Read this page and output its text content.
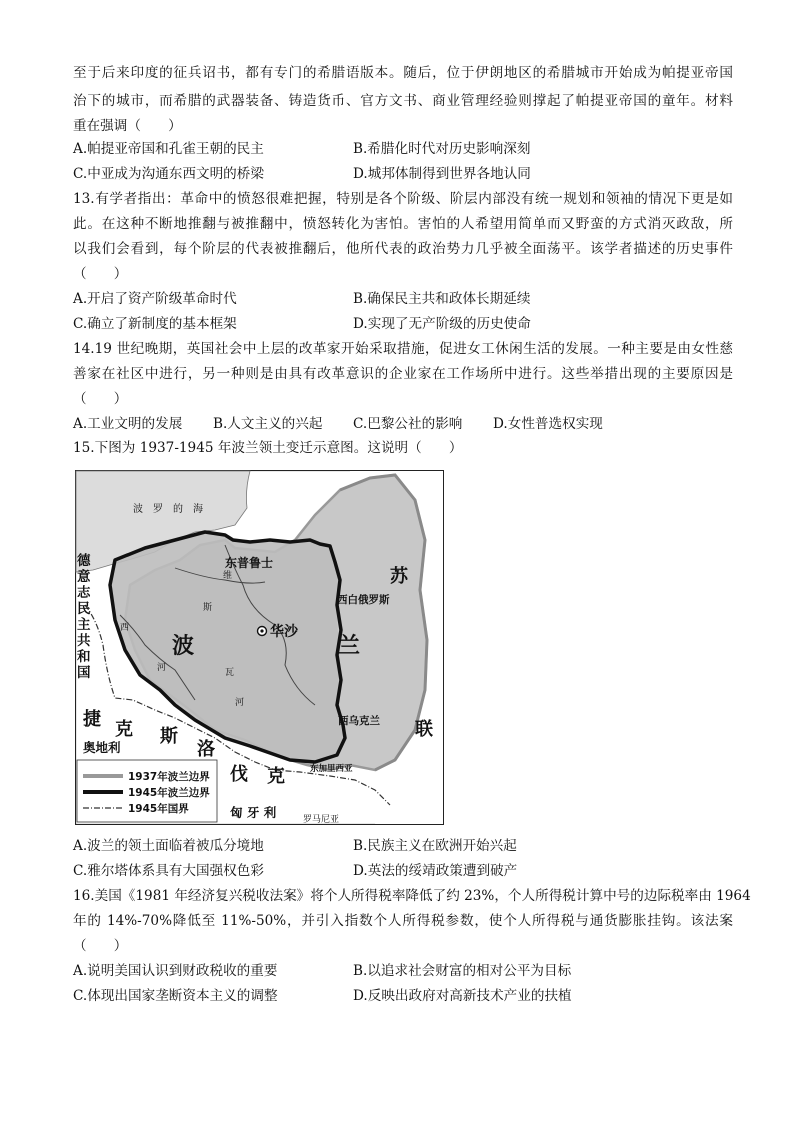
至于后来印度的征兵诏书，都有专门的希腊语版本。随后，位于伊朗地区的希腊城市开始成为帕提亚帝国
治下的城市，而希腊的武器装备、铸造货币、官方文书、商业管理经验则撑起了帕提亚帝国的童年。材料
重在强调（　　）
A.帕提亚帝国和孔雀王朝的民主	B.希腊化时代对历史影响深刻
C.中亚成为沟通东西文明的桥梁	D.城邦体制得到世界各地认同
13.有学者指出：革命中的愤怒很难把握，特别是各个阶级、阶层内部没有统一规划和领袖的情况下更是如
此。在这种不断地推翻与被推翻中，愤怒转化为害怕。害怕的人希望用简单而又野蛮的方式消灭政敌，所
以我们会看到，每个阶层的代表被推翻后，他所代表的政治势力几乎被全面荡平。该学者描述的历史事件
（　　）
A.开启了资产阶级革命时代	B.确保民主共和政体长期延续
C.确立了新制度的基本框架	D.实现了无产阶级的历史使命
14.19 世纪晚期，英国社会中上层的改革家开始采取措施，促进女工休闲生活的发展。一种主要是由女性慈
善家在社区中进行，另一种则是由具有改革意识的企业家在工作场所中进行。这些举措出现的主要原因是
（　　）
A.工业文明的发展 B.人文主义的兴起 C.巴黎公社的影响 D.女性普选权实现
15.下图为 1937-1945 年波兰领土变迁示意图。这说明（　　）
波　罗　的　海
东普鲁士
西白俄罗斯
华沙
波	兰
苏
联
西乌克兰
东加里西亚
德
意
志
民
主
共
和
国	瓦
斯
维
河
河
西
捷 克 斯
洛
伐 克
奥地利
1937年波兰边界
1945年波兰边界
1945年国界	匈 牙 利	罗马尼亚
A.波兰的领土面临着被瓜分境地	B.民族主义在欧洲开始兴起
C.雅尔塔体系具有大国强权色彩	D.英法的绥靖政策遭到破产
16.美国《1981 年经济复兴税收法案》将个人所得税率降低了约 23%，个人所得税计算中号的边际税率由 1964
年的 14%-70%降低至 11%-50%，并引入指数个人所得税参数，使个人所得税与通货膨胀挂钩。该法案
（　　）
A.说明美国认识到财政税收的重要	B.以追求社会财富的相对公平为目标
C.体现出国家垄断资本主义的调整	D.反映出政府对高新技术产业的扶植
